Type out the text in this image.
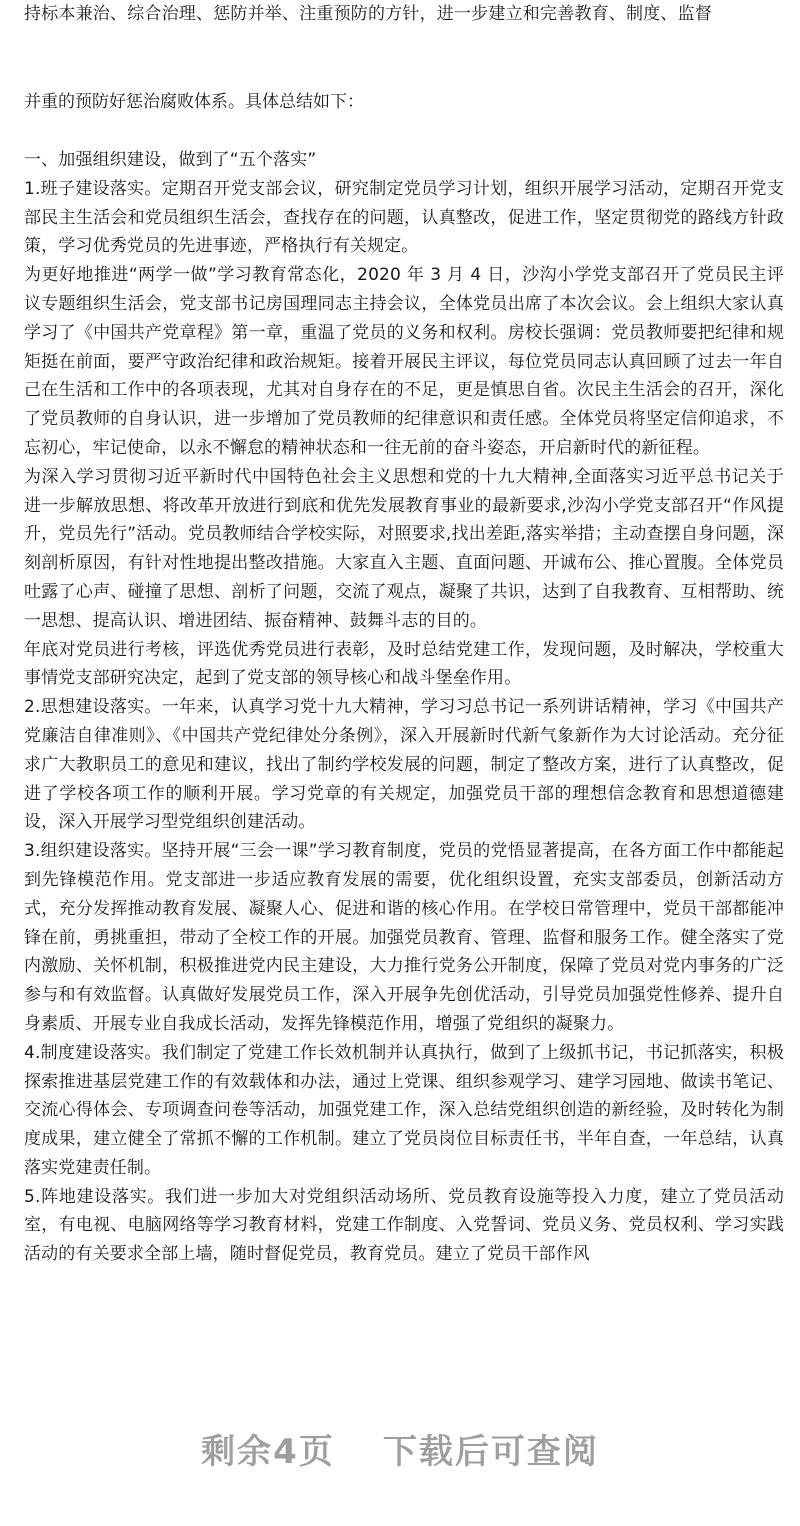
持标本兼治、综合治理、惩防并举、注重预防的方针，进一步建立和完善教育、制度、监督

并重的预防好惩治腐败体系。具体总结如下：

一、加强组织建设，做到了“五个落实”

1.班子建设落实。定期召开党支部会议，研究制定党员学习计划，组织开展学习活动，定期召开党支部民主生活会和党员组织生活会，查找存在的问题，认真整改，促进工作，坚定贯彻党的路线方针政策，学习优秀党员的先进事迹，严格执行有关规定。

为更好地推进“两学一做”学习教育常态化，2020 年 3 月 4 日，沙沟小学党支部召开了党员民主评议专题组织生活会，党支部书记房国理同志主持会议，全体党员出席了本次会议。会上组织大家认真学习了《中国共产党章程》第一章，重温了党员的义务和权利。房校长强调：党员教师要把纪律和规矩挺在前面，要严守政治纪律和政治规矩。接着开展民主评议，每位党员同志认真回顾了过去一年自己在生活和工作中的各项表现，尤其对自身存在的不足，更是慎思自省。次民主生活会的召开，深化了党员教师的自身认识，进一步增加了党员教师的纪律意识和责任感。全体党员将坚定信仰追求，不忘初心，牢记使命，以永不懈怠的精神状态和一往无前的奋斗姿态，开启新时代的新征程。

为深入学习贯彻习近平新时代中国特色社会主义思想和党的十九大精神,全面落实习近平总书记关于进一步解放思想、将改革开放进行到底和优先发展教育事业的最新要求,沙沟小学党支部召开“作风提升，党员先行”活动。党员教师结合学校实际，对照要求,找出差距,落实举措；主动查摆自身问题，深刻剖析原因，有针对性地提出整改措施。大家直入主题、直面问题、开诚布公、推心置腹。全体党员吐露了心声、碰撞了思想、剖析了问题，交流了观点，凝聚了共识，达到了自我教育、互相帮助、统一思想、提高认识、增进团结、振奋精神、鼓舞斗志的目的。

年底对党员进行考核，评选优秀党员进行表彰，及时总结党建工作，发现问题，及时解决，学校重大事情党支部研究决定，起到了党支部的领导核心和战斗堡垒作用。

2.思想建设落实。一年来，认真学习党十九大精神，学习习总书记一系列讲话精神，学习《中国共产党廉洁自律准则》、《中国共产党纪律处分条例》，深入开展新时代新气象新作为大讨论活动。充分征求广大教职员工的意见和建议，找出了制约学校发展的问题，制定了整改方案，进行了认真整改，促进了学校各项工作的顺利开展。学习党章的有关规定，加强党员干部的理想信念教育和思想道德建设，深入开展学习型党组织创建活动。

3.组织建设落实。坚持开展“三会一课”学习教育制度，党员的党悟显著提高，在各方面工作中都能起到先锋模范作用。党支部进一步适应教育发展的需要，优化组织设置，充实支部委员，创新活动方式，充分发挥推动教育发展、凝聚人心、促进和谐的核心作用。在学校日常管理中，党员干部都能冲锋在前，勇挑重担，带动了全校工作的开展。加强党员教育、管理、监督和服务工作。健全落实了党内激励、关怀机制，积极推进党内民主建设，大力推行党务公开制度，保障了党员对党内事务的广泛参与和有效监督。认真做好发展党员工作，深入开展争先创优活动，引导党员加强党性修养、提升自身素质、开展专业自我成长活动，发挥先锋模范作用，增强了党组织的凝聚力。

4.制度建设落实。我们制定了党建工作长效机制并认真执行，做到了上级抓书记，书记抓落实，积极探索推进基层党建工作的有效载体和办法，通过上党课、组织参观学习、建学习园地、做读书笔记、交流心得体会、专项调查问卷等活动，加强党建工作，深入总结党组织创造的新经验，及时转化为制度成果，建立健全了常抓不懈的工作机制。建立了党员岗位目标责任书，半年自查，一年总结，认真落实党建责任制。

5.阵地建设落实。我们进一步加大对党组织活动场所、党员教育设施等投入力度，建立了党员活动室，有电视、电脑网络等学习教育材料，党建工作制度、入党誓词、党员义务、党员权利、学习实践活动的有关要求全部上墙，随时督促党员，教育党员。建立了党员干部作风

剩余4页 下载后可查阅
